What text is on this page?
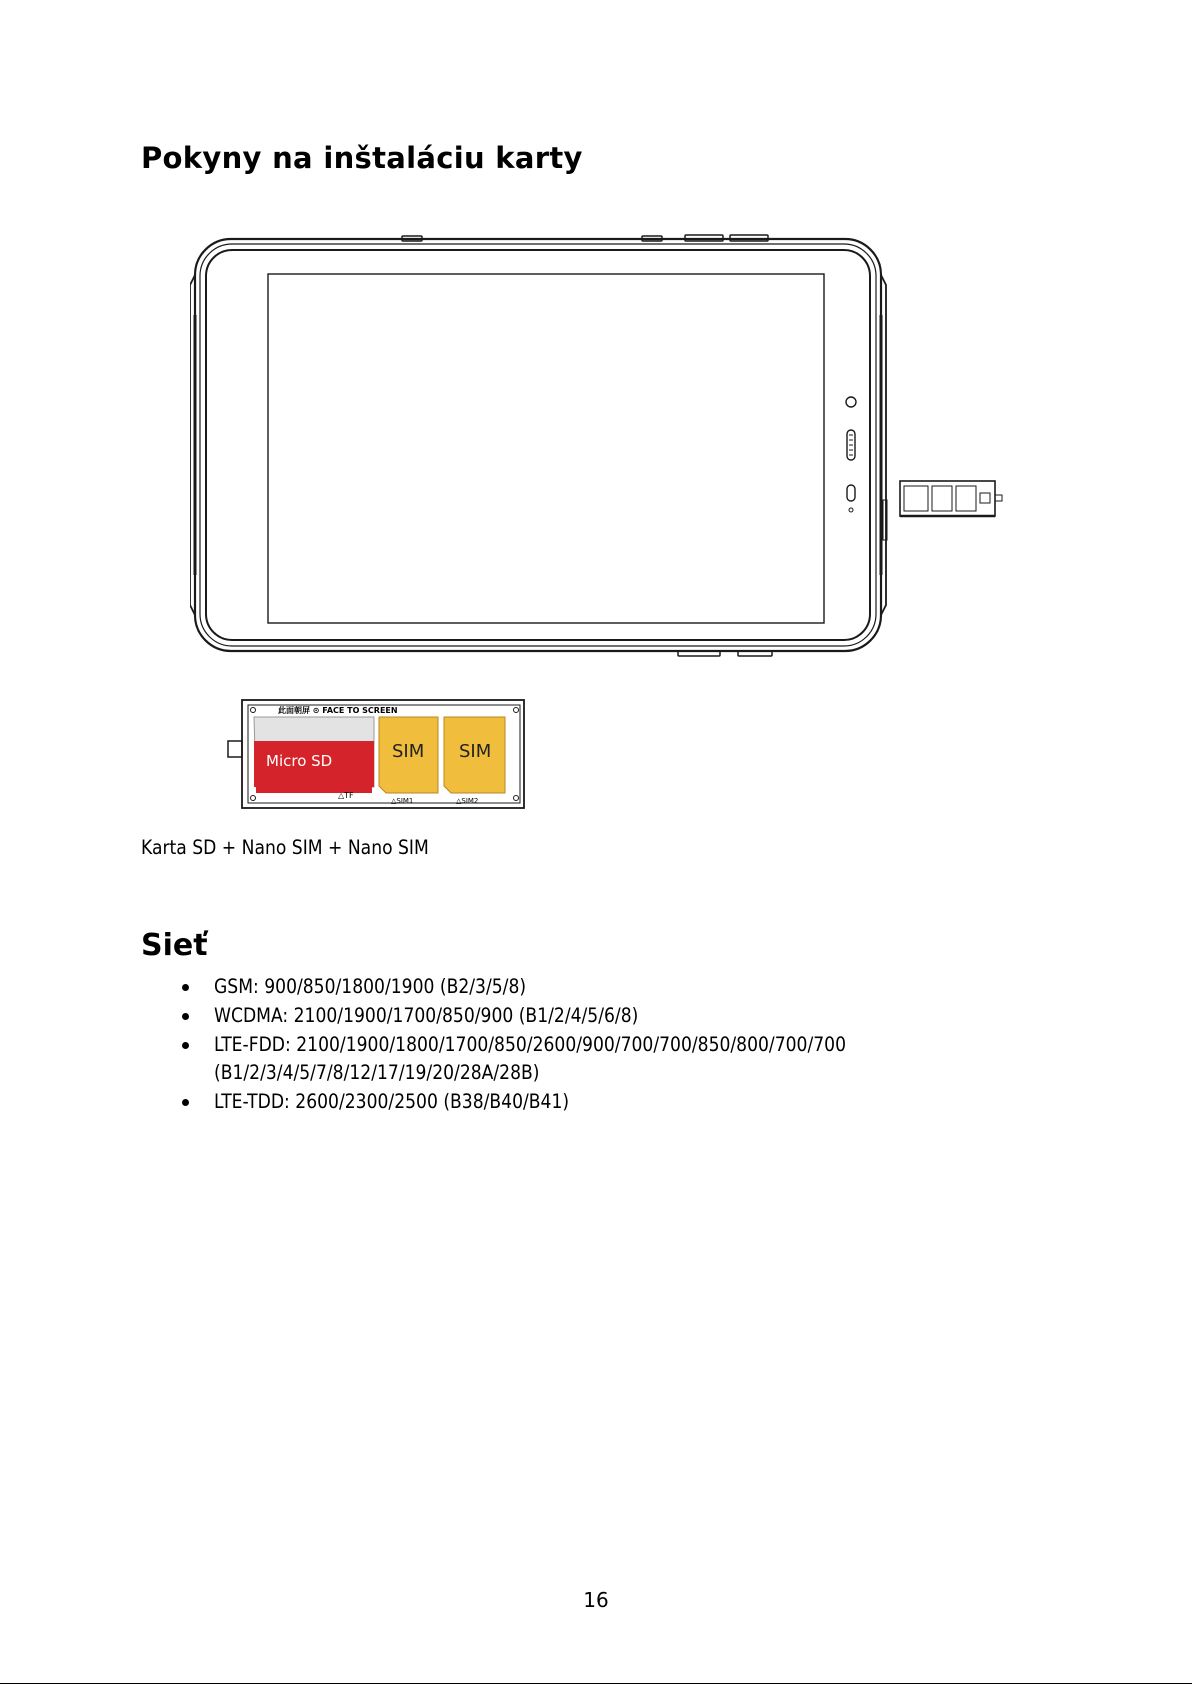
Pokyny na inštaláciu karty
此面朝屏 ⊙ FACE TO SCREEN
Micro SD
△TF
SIM
△SIM1
SIM
△SIM2
Karta SD + Nano SIM + Nano SIM
Sieť
GSM: 900/850/1800/1900 (B2/3/5/8)
WCDMA: 2100/1900/1700/850/900 (B1/2/4/5/6/8)
LTE-FDD: 2100/1900/1800/1700/850/2600/900/700/700/850/800/700/700
(B1/2/3/4/5/7/8/12/17/19/20/28A/28B)
LTE-TDD: 2600/2300/2500 (B38/B40/B41)
16
